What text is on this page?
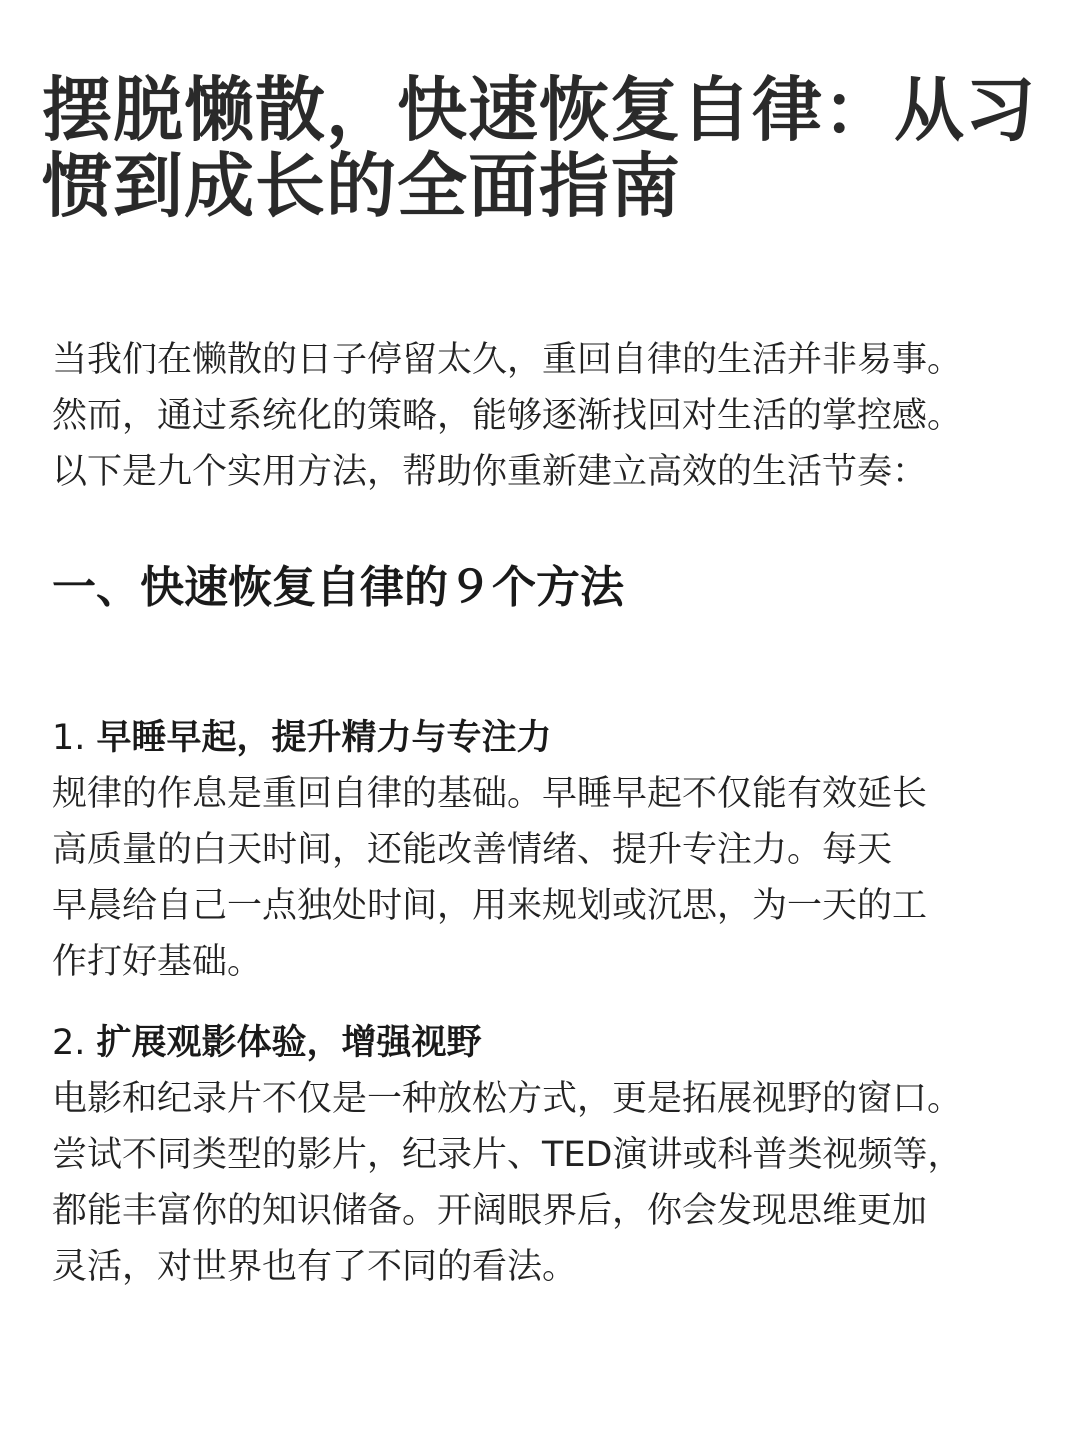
摆脱懒散，快速恢复自律：从习惯到成长的全面指南

当我们在懒散的日子停留太久，重回自律的生活并非易事。
然而，通过系统化的策略，能够逐渐找回对生活的掌控感。
以下是九个实用方法，帮助你重新建立高效的生活节奏：

一、快速恢复自律的９个方法
1. 早睡早起，提升精力与专注力
规律的作息是重回自律的基础。早睡早起不仅能有效延长
高质量的白天时间，还能改善情绪、提升专注力。每天
早晨给自己一点独处时间，用来规划或沉思，为一天的工
作打好基础。
2. 扩展观影体验，增强视野
电影和纪录片不仅是一种放松方式，更是拓展视野的窗口。
尝试不同类型的影片，纪录片、TED演讲或科普类视频等，
都能丰富你的知识储备。开阔眼界后，你会发现思维更加
灵活，对世界也有了不同的看法。
